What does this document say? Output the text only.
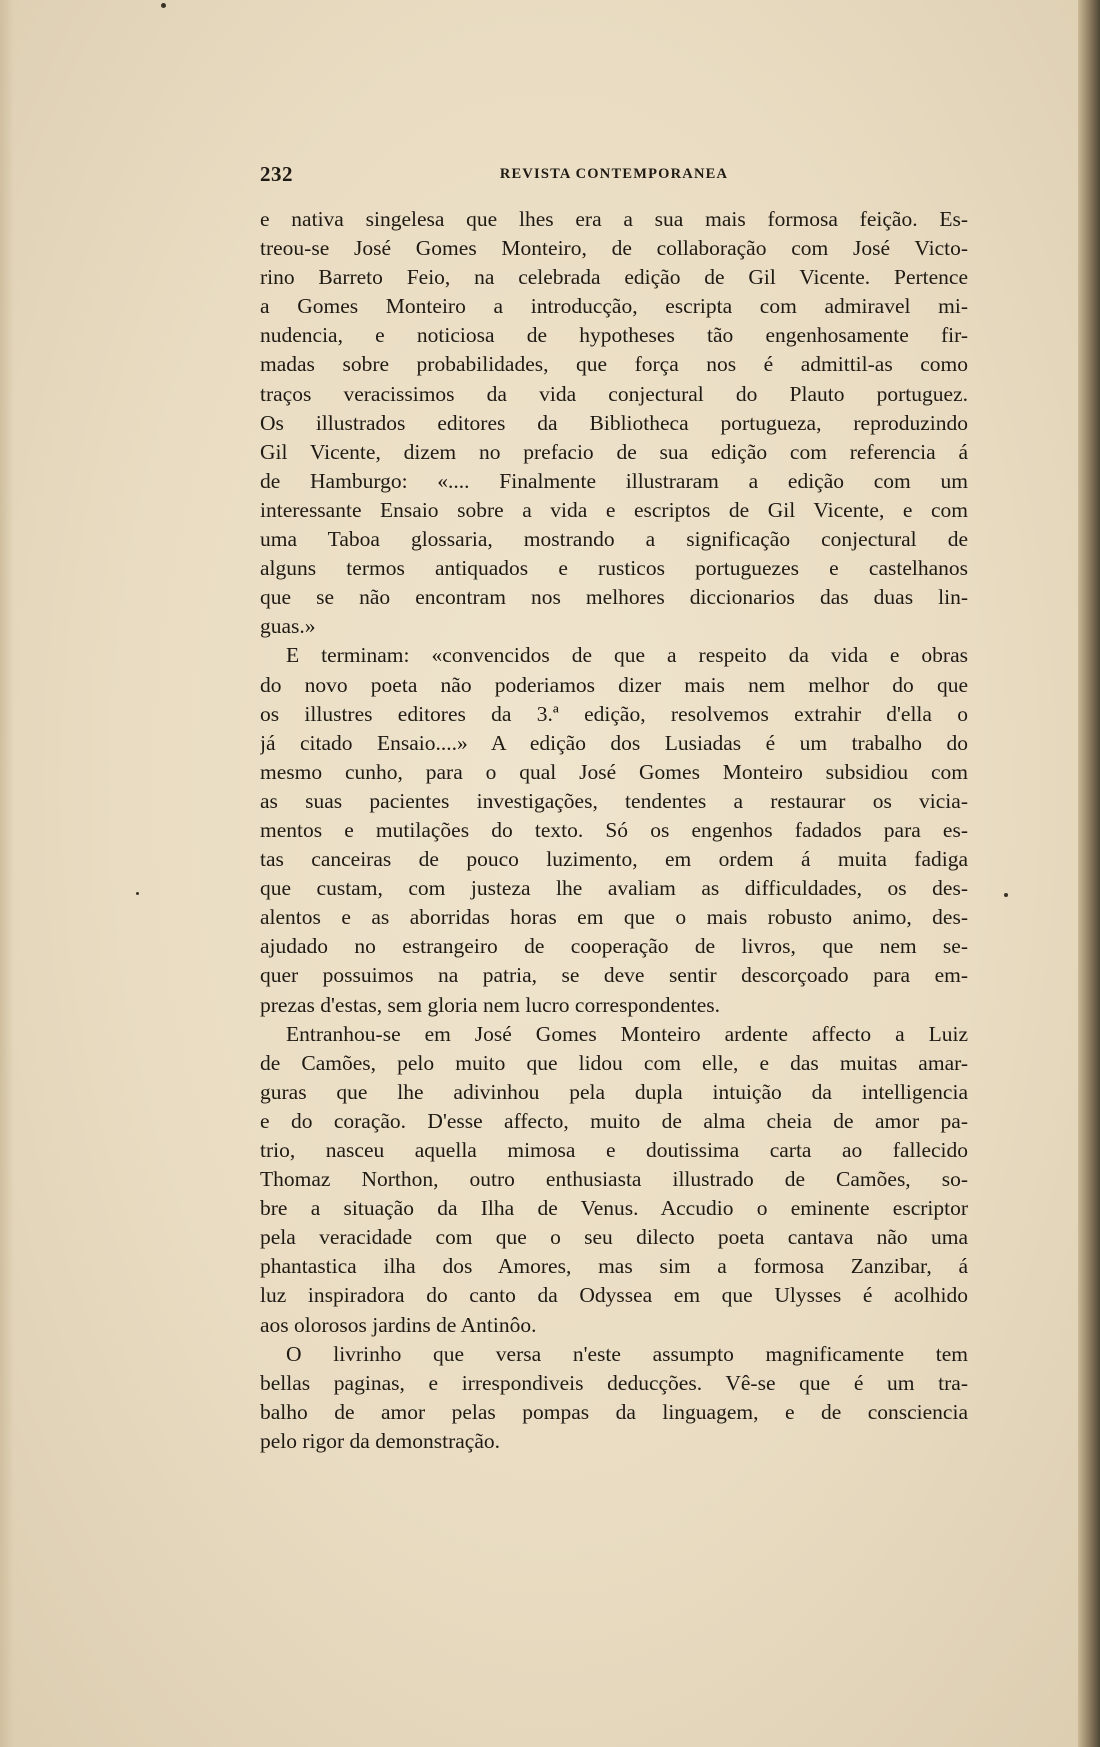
232	REVISTA CONTEMPORANEA
e nativa singelesa que lhes era a sua mais formosa feição. Es-
treou-se José Gomes Monteiro, de collaboração com José Victo-
rino Barreto Feio, na celebrada edição de Gil Vicente. Pertence
a Gomes Monteiro a introducção, escripta com admiravel mi-
nudencia, e noticiosa de hypotheses tão engenhosamente fir-
madas sobre probabilidades, que força nos é admittil-as como
traços veracissimos da vida conjectural do Plauto portuguez.
Os illustrados editores da Bibliotheca portugueza, reproduzindo
Gil Vicente, dizem no prefacio de sua edição com referencia á
de Hamburgo: «.... Finalmente illustraram a edição com um
interessante Ensaio sobre a vida e escriptos de Gil Vicente, e com
uma Taboa glossaria, mostrando a significação conjectural de
alguns termos antiquados e rusticos portuguezes e castelhanos
que se não encontram nos melhores diccionarios das duas lin-
guas.»
E terminam: «convencidos de que a respeito da vida e obras
do novo poeta não poderiamos dizer mais nem melhor do que
os illustres editores da 3.ª edição, resolvemos extrahir d'ella o
já citado Ensaio....» A edição dos Lusiadas é um trabalho do
mesmo cunho, para o qual José Gomes Monteiro subsidiou com
as suas pacientes investigações, tendentes a restaurar os vicia-
mentos e mutilações do texto. Só os engenhos fadados para es-
tas canceiras de pouco luzimento, em ordem á muita fadiga
que custam, com justeza lhe avaliam as difficuldades, os des-
alentos e as aborridas horas em que o mais robusto animo, des-
ajudado no estrangeiro de cooperação de livros, que nem se-
quer possuimos na patria, se deve sentir descorçoado para em-
prezas d'estas, sem gloria nem lucro correspondentes.
Entranhou-se em José Gomes Monteiro ardente affecto a Luiz
de Camões, pelo muito que lidou com elle, e das muitas amar-
guras que lhe adivinhou pela dupla intuição da intelligencia
e do coração. D'esse affecto, muito de alma cheia de amor pa-
trio, nasceu aquella mimosa e doutissima carta ao fallecido
Thomaz Northon, outro enthusiasta illustrado de Camões, so-
bre a situação da Ilha de Venus. Accudio o eminente escriptor
pela veracidade com que o seu dilecto poeta cantava não uma
phantastica ilha dos Amores, mas sim a formosa Zanzibar, á
luz inspiradora do canto da Odyssea em que Ulysses é acolhido
aos olorosos jardins de Antinôo.
O livrinho que versa n'este assumpto magnificamente tem
bellas paginas, e irrespondiveis deducções. Vê-se que é um tra-
balho de amor pelas pompas da linguagem, e de consciencia
pelo rigor da demonstração.
